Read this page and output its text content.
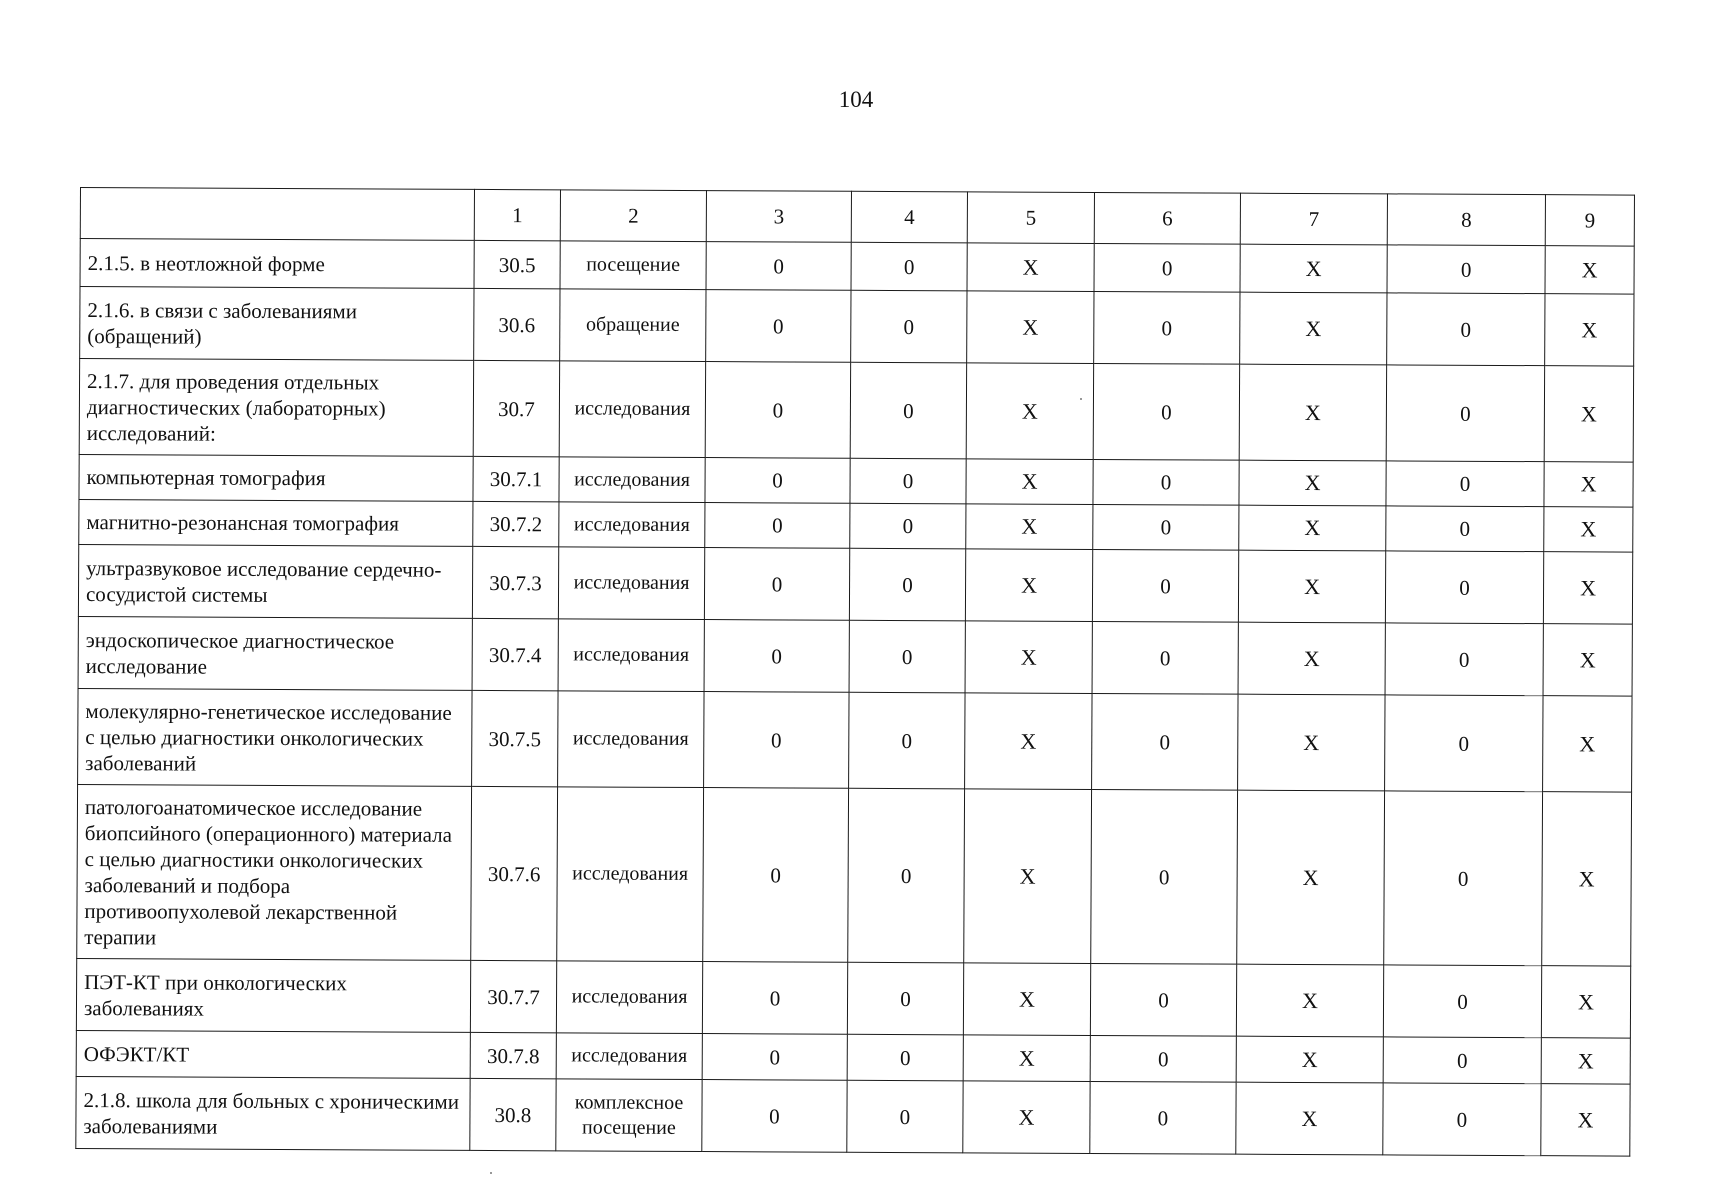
104
	1	2	3	4	5	6	7	8	9
2.1.5. в неотложной форме	30.5	посещение	0	0	X	0	X	0	X
2.1.6. в связи с заболеваниями (обращений)	30.6	обращение	0	0	X	0	X	0	X
2.1.7. для проведения отдельных диагностических (лабораторных) исследований:	30.7	исследования	0	0	X	0	X	0	X
компьютерная томография	30.7.1	исследования	0	0	X	0	X	0	X
магнитно-резонансная томография	30.7.2	исследования	0	0	X	0	X	0	X
ультразвуковое исследование сердечно-сосудистой системы	30.7.3	исследования	0	0	X	0	X	0	X
эндоскопическое диагностическое исследование	30.7.4	исследования	0	0	X	0	X	0	X
молекулярно-генетическое исследование с целью диагностики онкологических заболеваний	30.7.5	исследования	0	0	X	0	X	0	X
патологоанатомическое исследование биопсийного (операционного) материала с целью диагностики онкологических заболеваний и подбора противоопухолевой лекарственной терапии	30.7.6	исследования	0	0	X	0	X	0	X
ПЭТ-КТ при онкологических заболеваниях	30.7.7	исследования	0	0	X	0	X	0	X
ОФЭКТ/КТ	30.7.8	исследования	0	0	X	0	X	0	X
2.1.8. школа для больных с хроническими заболеваниями	30.8	комплексное посещение	0	0	X	0	X	0	X
